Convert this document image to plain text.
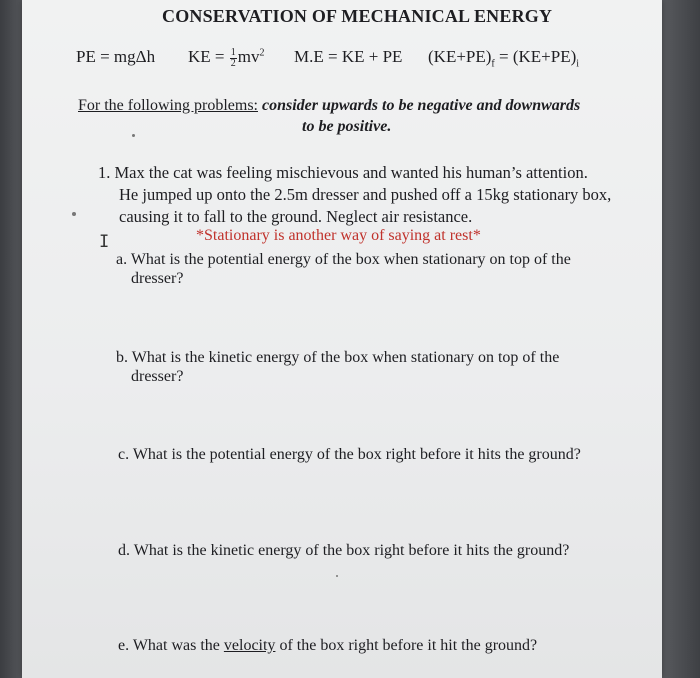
CONSERVATION OF MECHANICAL ENERGY
PE = mgΔh KE = $\frac{1}{2} mv^2$ M.E = KE + PE $(KE+PE)_f = (KE+PE)_i$
For the following problems: consider upwards to be negative and downwards
to be positive.
1. Max the cat was feeling mischievous and wanted his human’s attention.
He jumped up onto the 2.5m dresser and pushed off a 15kg stationary box,
causing it to fall to the ground. Neglect air resistance.
*Stationary is another way of saying at rest*
I
a. What is the potential energy of the box when stationary on top of the
dresser?
b. What is the kinetic energy of the box when stationary on top of the
dresser?
c. What is the potential energy of the box right before it hits the ground?
d. What is the kinetic energy of the box right before it hits the ground?
e. What was the velocity of the box right before it hit the ground?
